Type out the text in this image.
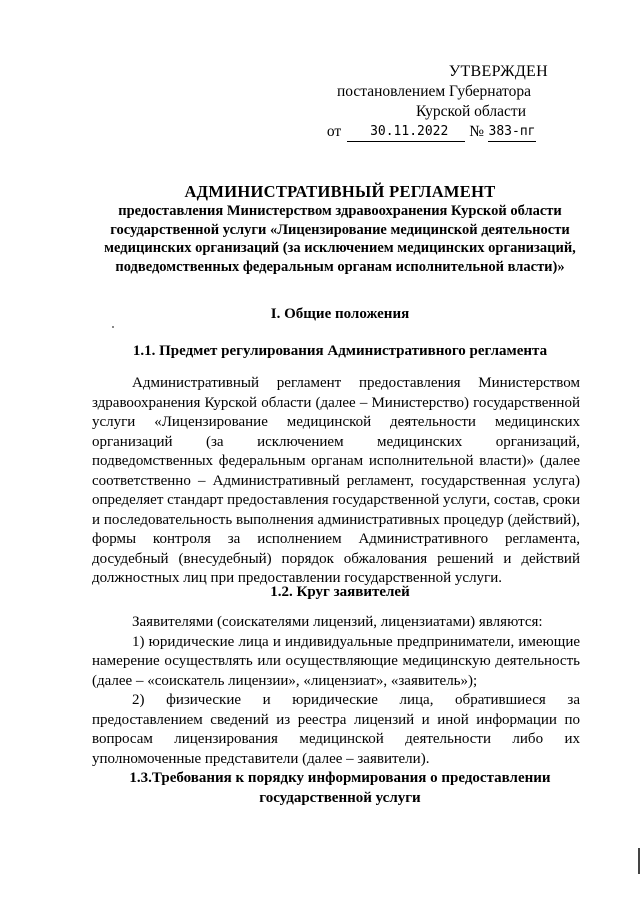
УТВЕРЖДЕН
постановлением Губернатора
Курской области
от	30.11.2022	№ 383-пг
АДМИНИСТРАТИВНЫЙ РЕГЛАМЕНТ
предоставления Министерством здравоохранения Курской области государственной услуги «Лицензирование медицинской деятельности медицинских организаций (за исключением медицинских организаций, подведомственных федеральным органам исполнительной власти)»
I. Общие положения
1.1. Предмет регулирования Административного регламента

Административный регламент предоставления Министерством здравоохранения Курской области (далее – Министерство) государственной услуги «Лицензирование медицинской деятельности медицинских организаций (за исключением медицинских организаций, подведомственных федеральным органам исполнительной власти)» (далее соответственно – Административный регламент, государственная услуга) определяет стандарт предоставления государственной услуги, состав, сроки и последовательность выполнения административных процедур (действий), формы контроля за исполнением Административного регламента, досудебный (внесудебный) порядок обжалования решений и действий должностных лиц при предоставлении государственной услуги.

1.2. Круг заявителей

Заявителями (соискателями лицензий, лицензиатами) являются:

1) юридические лица и индивидуальные предприниматели, имеющие намерение осуществлять или осуществляющие медицинскую деятельность (далее – «соискатель лицензии», «лицензиат», «заявитель»);

2) физические и юридические лица, обратившиеся за предоставлением сведений из реестра лицензий и иной информации по вопросам лицензирования медицинской деятельности либо их уполномоченные представители (далее – заявители).

1.3.Требования к порядку информирования о предоставлении государственной услуги
